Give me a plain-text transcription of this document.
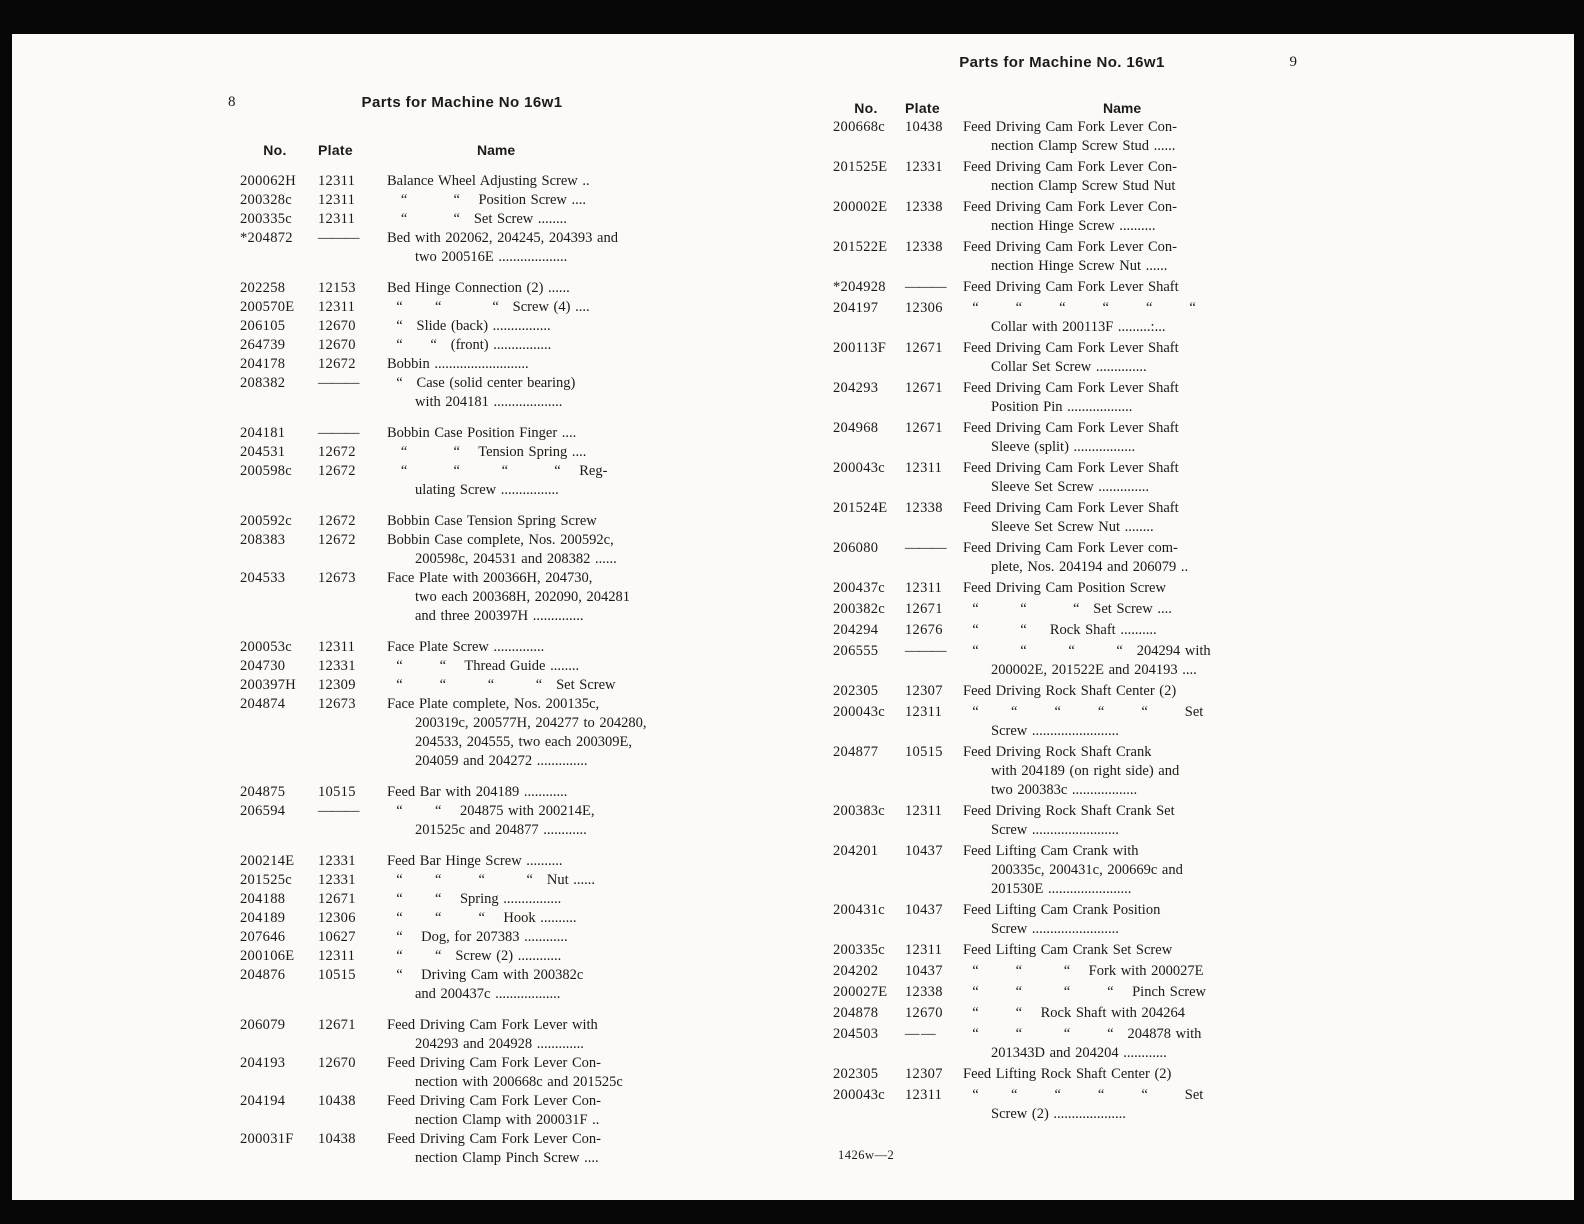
8	Parts for Machine No 16w1
No.	Plate	Name
200062H	12311	Balance Wheel Adjusting Screw ..
200328c	12311	“          “    Position Screw ....
200335c	12311	“          “   Set Screw ........
*204872	———	Bed with 202062, 204245, 204393 and
two 200516E ...................
202258	12153	Bed Hinge Connection (2) ......
200570E	12311	“       “           “   Screw (4) ....
206105	12670	“   Slide (back) ................
264739	12670	“      “   (front) ................
204178	12672	Bobbin ..........................
208382	———	“   Case (solid center bearing)
with 204181 ...................
204181	———	Bobbin Case Position Finger ....
204531	12672	“          “    Tension Spring ....
200598c	12672	“          “         “          “    Reg-
ulating Screw ................
200592c	12672	Bobbin Case Tension Spring Screw
208383	12672	Bobbin Case complete, Nos. 200592c,
200598c, 204531 and 208382 ......
204533	12673	Face Plate with 200366H, 204730,
two each 200368H, 202090, 204281
and three 200397H ..............
200053c	12311	Face Plate Screw ..............
204730	12331	“        “    Thread Guide ........
200397H	12309	“        “         “         “   Set Screw
204874	12673	Face Plate complete, Nos. 200135c,
200319c, 200577H, 204277 to 204280,
204533, 204555, two each 200309E,
204059 and 204272 ..............
204875	10515	Feed Bar with 204189 ............
206594	———	“       “    204875 with 200214E,
201525c and 204877 ............
200214E	12331	Feed Bar Hinge Screw ..........
201525c	12331	“       “        “         “   Nut ......
204188	12671	“       “    Spring ................
204189	12306	“       “        “    Hook ..........
207646	10627	“    Dog, for 207383 ............
200106E	12311	“       “   Screw (2) ............
204876	10515	“    Driving Cam with 200382c
and 200437c ..................
206079	12671	Feed Driving Cam Fork Lever with
204293 and 204928 .............
204193	12670	Feed Driving Cam Fork Lever Con-
nection with 200668c and 201525c
204194	10438	Feed Driving Cam Fork Lever Con-
nection Clamp with 200031F ..
200031F	10438	Feed Driving Cam Fork Lever Con-
nection Clamp Pinch Screw ....
9
Parts for Machine No. 16w1
No.	Plate	Name
200668c	10438	Feed Driving Cam Fork Lever Con-
nection Clamp Screw Stud ......
201525E	12331	Feed Driving Cam Fork Lever Con-
nection Clamp Screw Stud Nut
200002E	12338	Feed Driving Cam Fork Lever Con-
nection Hinge Screw ..........
201522E	12338	Feed Driving Cam Fork Lever Con-
nection Hinge Screw Nut ......
*204928	———	Feed Driving Cam Fork Lever Shaft
204197	12306	“        “        “        “        “        “
Collar with 200113F .........:...
200113F	12671	Feed Driving Cam Fork Lever Shaft
Collar Set Screw ..............
204293	12671	Feed Driving Cam Fork Lever Shaft
Position Pin ..................
204968	12671	Feed Driving Cam Fork Lever Shaft
Sleeve (split) .................
200043c	12311	Feed Driving Cam Fork Lever Shaft
Sleeve Set Screw ..............
201524E	12338	Feed Driving Cam Fork Lever Shaft
Sleeve Set Screw Nut ........
206080	———	Feed Driving Cam Fork Lever com-
plete, Nos. 204194 and 206079 ..
200437c	12311	Feed Driving Cam Position Screw
200382c	12671	“         “          “   Set Screw ....
204294	12676	“         “     Rock Shaft ..........
206555	———	“         “         “         “   204294 with
200002E, 201522E and 204193 ....
202305	12307	Feed Driving Rock Shaft Center (2)
200043c	12311	“       “        “        “        “        Set
Screw ........................
204877	10515	Feed Driving Rock Shaft Crank
with 204189 (on right side) and
two 200383c ..................
200383c	12311	Feed Driving Rock Shaft Crank Set
Screw ........................
204201	10437	Feed Lifting Cam Crank with
200335c, 200431c, 200669c and
201530E .......................
200431c	10437	Feed Lifting Cam Crank Position
Screw ........................
200335c	12311	Feed Lifting Cam Crank Set Screw
204202	10437	“        “         “    Fork with 200027E
200027E	12338	“        “         “        “    Pinch Screw
204878	12670	“        “    Rock Shaft with 204264
204503	— —	“        “         “        “   204878 with
201343D and 204204 ............
202305	12307	Feed Lifting Rock Shaft Center (2)
200043c	12311	“       “        “        “        “        Set
Screw (2) ....................
1426w—2
